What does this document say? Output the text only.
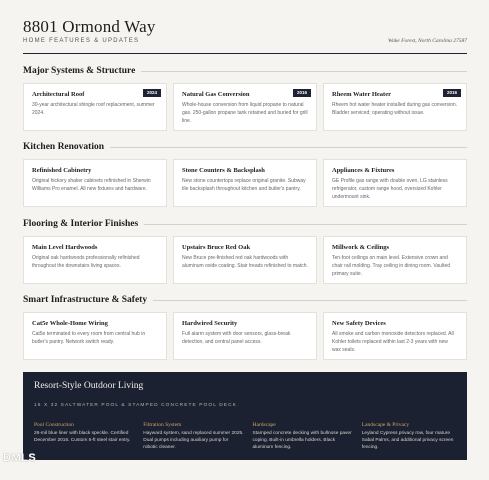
8801 Ormond Way
HOME FEATURES & UPDATES	Wake Forest, North Carolina 27587
Major Systems & Structure
Architectural Roof
30-year architectural shingle roof replacement, summer 2024.
2024	Natural Gas Conversion
Whole-house conversion from liquid propane to natural gas. 250-gallon propane tank retained and buried for grill line.
2016	Rheem Water Heater
Rheem hot water heater installed during gas conversion. Bladder serviced; operating without issue.
2016
Kitchen Renovation
Refinished Cabinetry
Original hickory shaker cabinets refinished in Sherwin Williams Pro enamel. All new fixtures and hardware.
Stone Counters & Backsplash
New stone countertops replace original granite. Subway tile backsplash throughout kitchen and butler's pantry.
Appliances & Fixtures
GE Profile gas range with double oven, LG stainless refrigerator, custom range hood, oversized Kohler undermount sink.
Flooring & Interior Finishes
Main Level Hardwoods
Original oak hardwoods professionally refinished throughout the downstairs living spaces.
Upstairs Bruce Red Oak
New Bruce pre-finished red oak hardwoods with aluminum oxide coating. Stair treads refinished to match.
Millwork & Ceilings
Ten-foot ceilings on main level. Extensive crown and chair rail molding. Tray ceiling in dining room. Vaulted primary suite.
Smart Infrastructure & Safety
Cat5e Whole-Home Wiring
Cat5e terminated to every room from central hub in butler's pantry. Network switch ready.
Hardwired Security
Full alarm system with door sensors, glass-break detection, and central panel access.
New Safety Devices
All smoke and carbon monoxide detectors replaced. All Kohler toilets replaced within last 2-3 years with new wax seals.
Resort-Style Outdoor Living
16 X 32 SALTWATER POOL & STAMPED CONCRETE POOL DECK
Pool Construction
26-mil blue liner with black speckle. Certified December 2016. Custom 6-ft steel stair entry.
Filtration System
Hayward system, sand replaced summer 2025. Dual pumps including auxiliary pump for robotic cleaner.
Hardscape
Stamped concrete decking with bullnose paver coping. Built-in umbrella holders. Black aluminum fencing.
Landscape & Privacy
Leyland Cypress privacy row, four mature Sabal Palms, and additional privacy screen fencing.
DMLS
